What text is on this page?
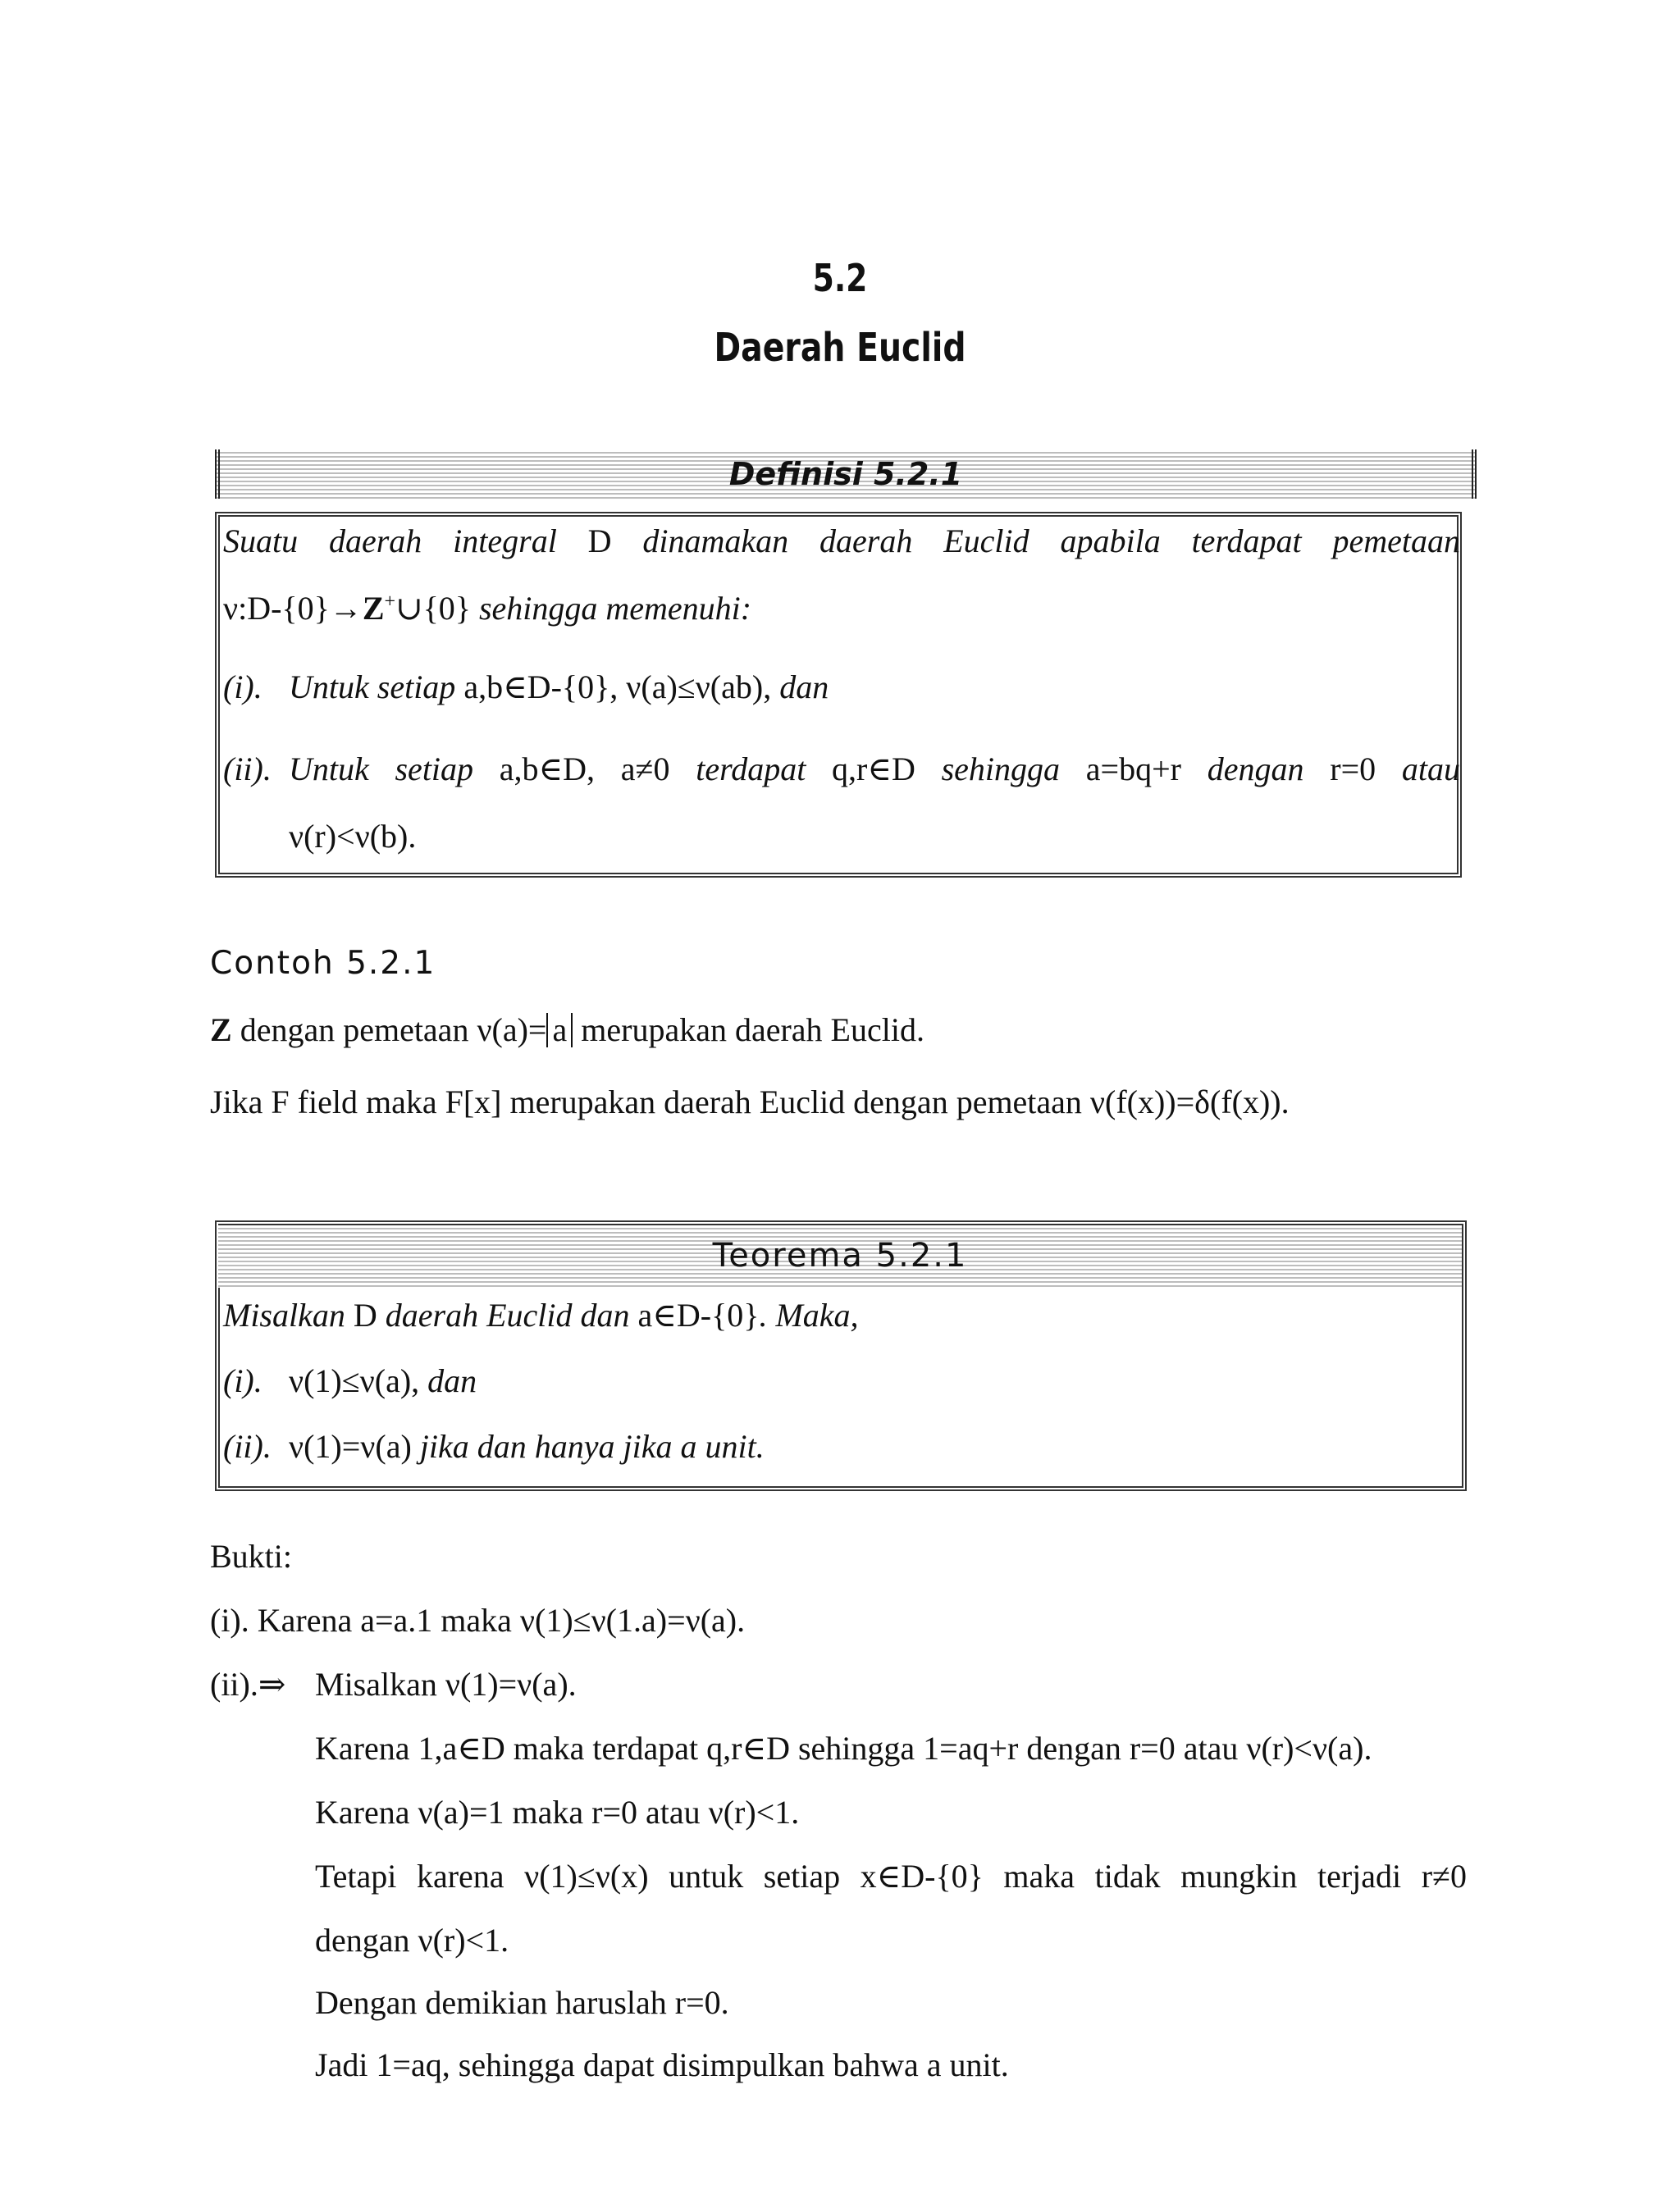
5.2
Daerah Euclid
Definisi 5.2.1
Suatu daerah integral D dinamakan daerah Euclid apabila terdapat pemetaan
ν:D-{0}→Z+∪{0} sehingga memenuhi:
(i). Untuk setiap a,b∈D-{0}, ν(a)≤ν(ab), dan
(ii). Untuk setiap a,b∈D, a≠0 terdapat q,r∈D sehingga a=bq+r dengan r=0 atau
ν(r)<ν(b).
Contoh 5.2.1
Z dengan pemetaan ν(a)= a merupakan daerah Euclid.
Jika F field maka F[x] merupakan daerah Euclid dengan pemetaan ν(f(x))=δ(f(x)).
Teorema 5.2.1
Misalkan D daerah Euclid dan a∈D-{0}. Maka,
(i). ν(1)≤ν(a), dan
(ii). ν(1)=ν(a) jika dan hanya jika a unit.
Bukti:
(i). Karena a=a.1 maka ν(1)≤ν(1.a)=ν(a).
(ii).⇒ Misalkan ν(1)=ν(a).
Karena 1,a∈D maka terdapat q,r∈D sehingga 1=aq+r dengan r=0 atau ν(r)<ν(a).
Karena ν(a)=1 maka r=0 atau ν(r)<1.
Tetapi karena ν(1)≤ν(x) untuk setiap x∈D-{0} maka tidak mungkin terjadi r≠0
dengan ν(r)<1.
Dengan demikian haruslah r=0.
Jadi 1=aq, sehingga dapat disimpulkan bahwa a unit.
